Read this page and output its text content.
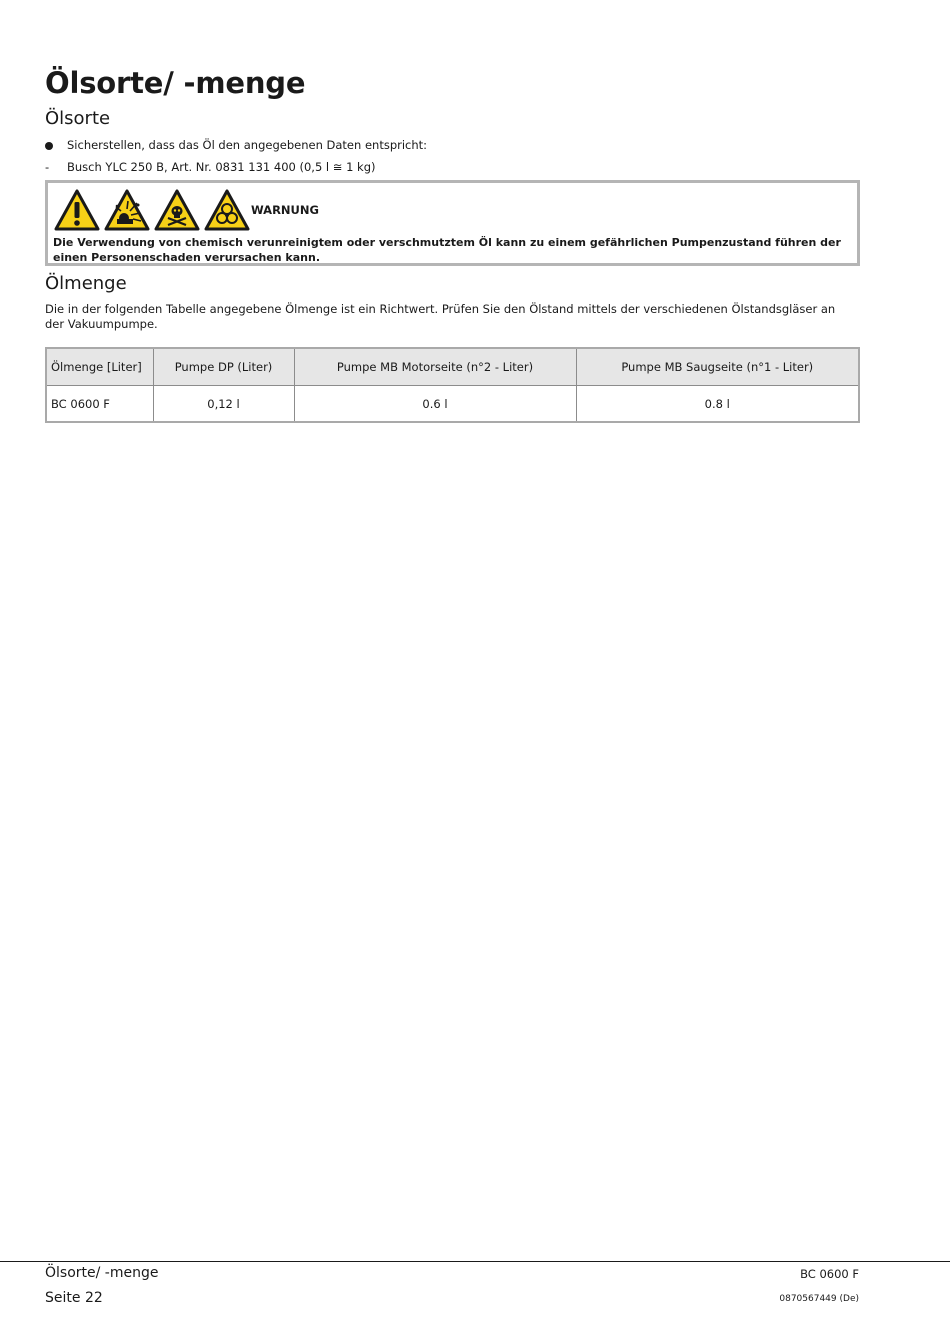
Ölsorte/ -menge
Ölsorte
Sicherstellen, dass das Öl den angegebenen Daten entspricht:
-	Busch YLC 250 B, Art. Nr. 0831 131 400 (0,5 l ≅ 1 kg)
WARNUNG
Die Verwendung von chemisch verunreinigtem oder verschmutztem Öl kann zu einem gefährlichen Pumpenzustand führen der einen Personenschaden verursachen kann.
Ölmenge
Die in der folgenden Tabelle angegebene Ölmenge ist ein Richtwert. Prüfen Sie den Ölstand mittels der verschiedenen Ölstandsgläser an der Vakuumpumpe.
Ölmenge [Liter]	Pumpe DP (Liter)	Pumpe MB Motorseite (n°2 - Liter)	Pumpe MB Saugseite (n°1 - Liter)
BC 0600 F	0,12 l	0.6 l	0.8 l
Ölsorte/ -menge
Seite 22
BC 0600 F
0870567449 (De)
